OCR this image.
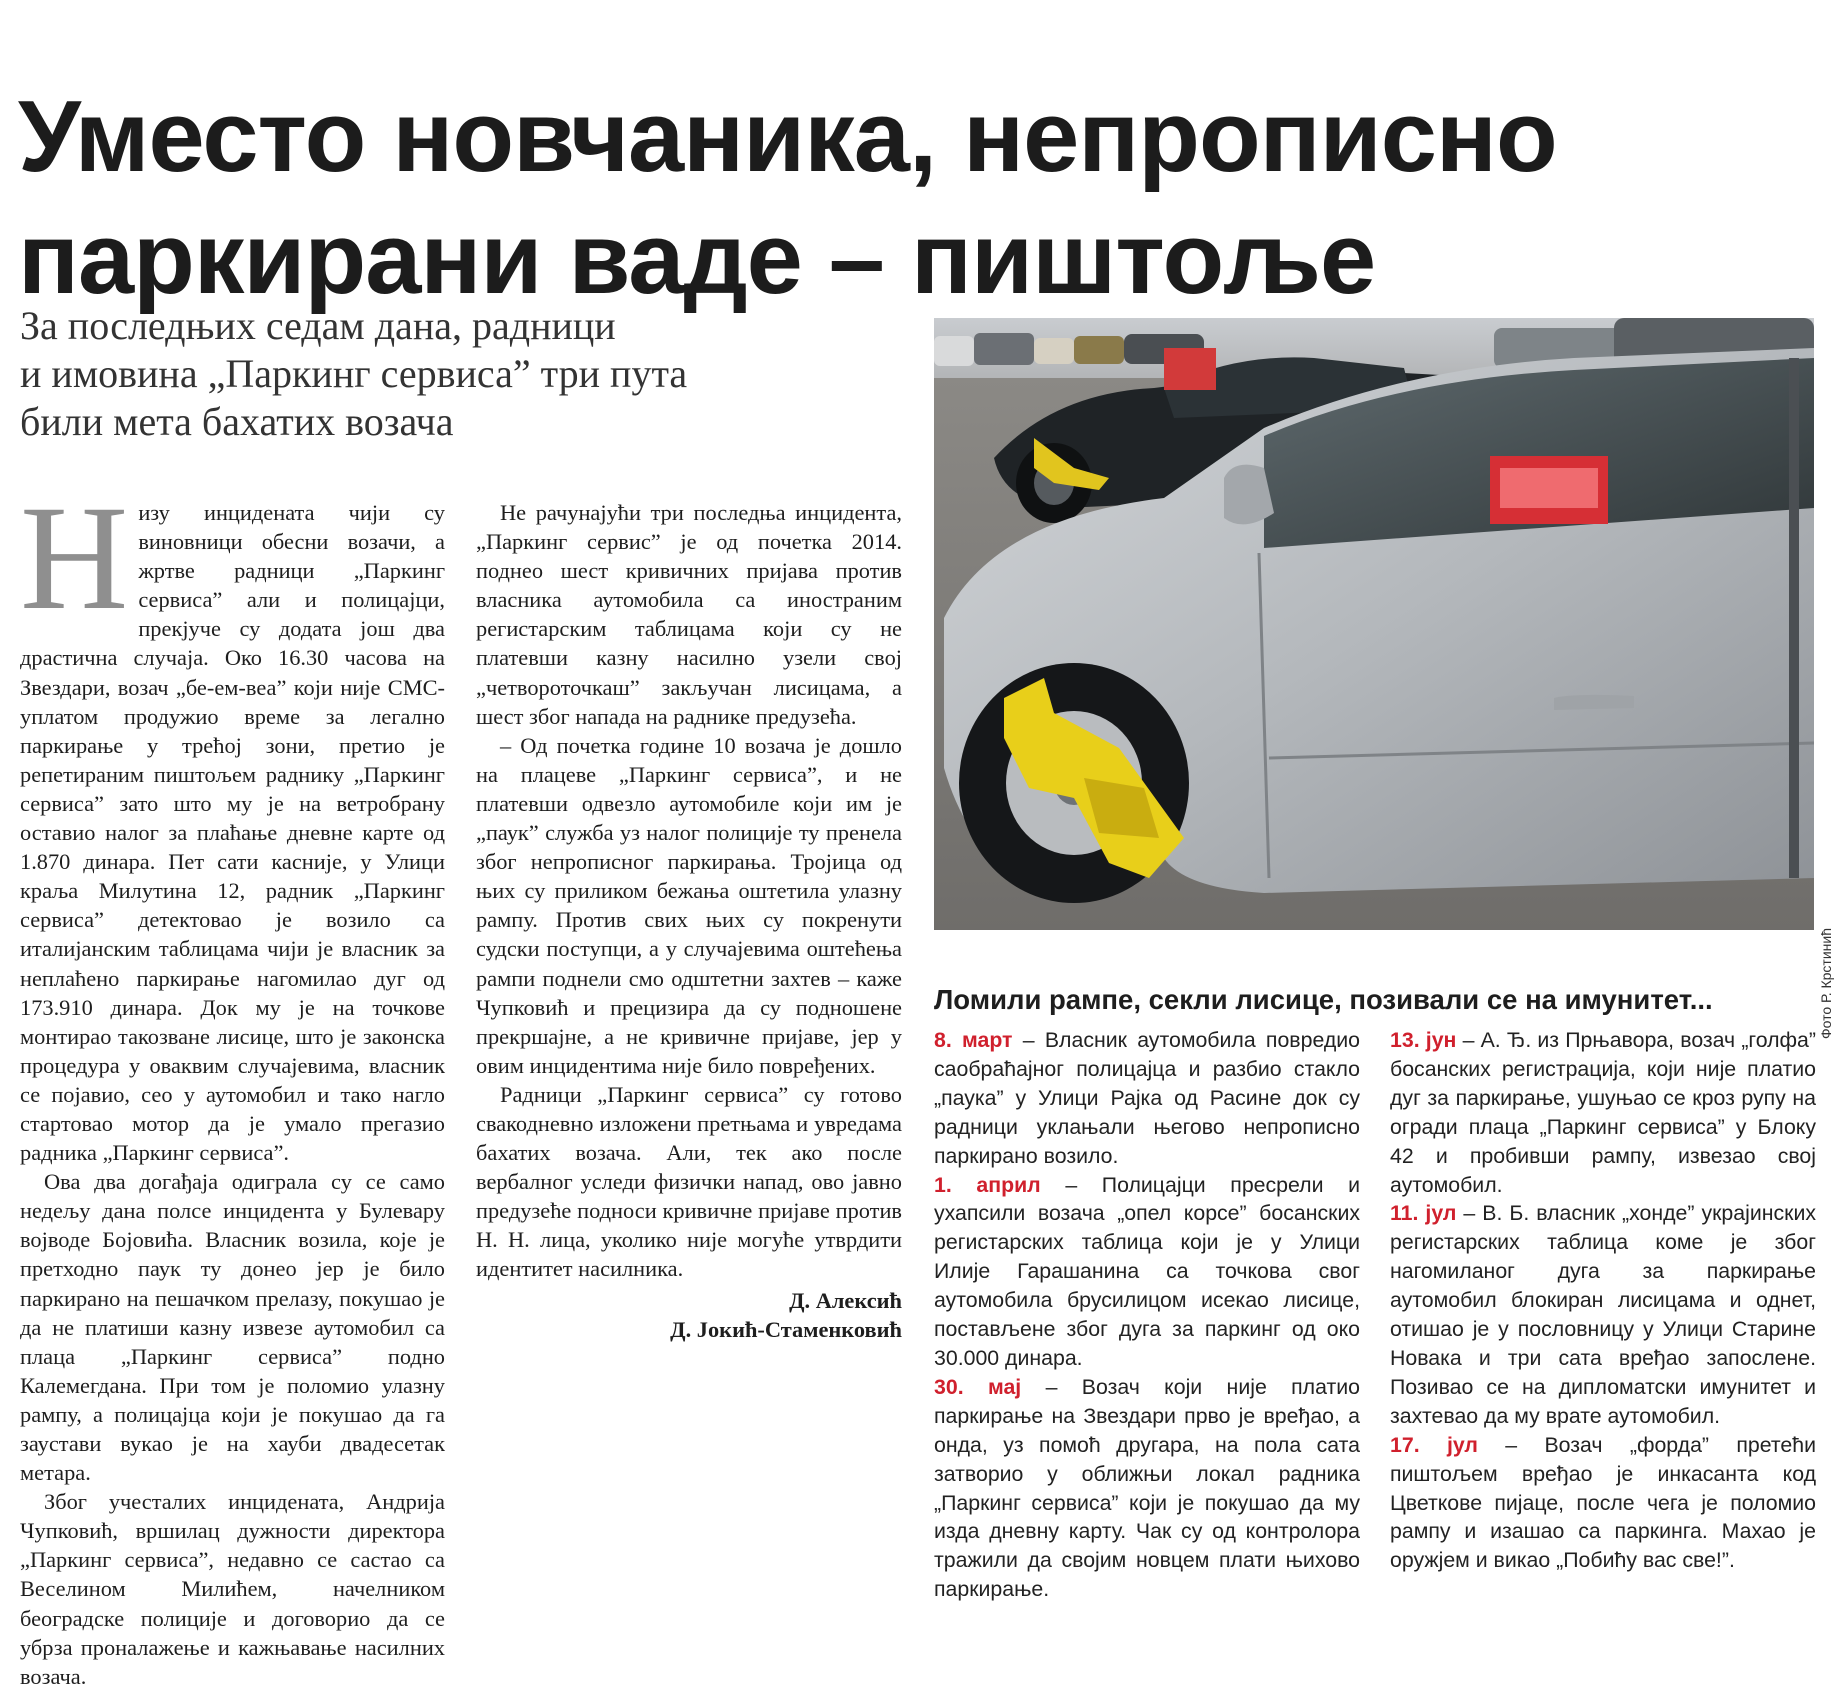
Уместо новчаника, непрописно
паркирани ваде – пиштоље
За последњих седам дана, радници
и имовина „Паркинг сервиса” три пута
били мета бахатих возача

Низу инцидената чији су виновници обесни возачи, а жртве радници „Паркинг сервиса” али и полицајци, прекјуче су додата још два драстична случаја. Око 16.30 часова на Звездари, возач „бе-ем-веа” који није СМС-уплатом продужио време за легално паркирање у трећој зони, претио је репетираним пиштољем раднику „Паркинг сервиса” зато што му је на ветробрану оставио налог за плаћање дневне карте од 1.870 динара. Пет сати касније, у Улици краља Милутина 12, радник „Паркинг сервиса” детектовао је возило са италијанским таблицама чији је власник за неплаћено паркирање нагомилао дуг од 173.910 динара. Док му је на точкове монтирао такозване лисице, што је законска процедура у оваквим случајевима, власник се појавио, сео у аутомобил и тако нагло стартовао мотор да је умало прегазио радника „Паркинг сервиса”.

Ова два догађаја одиграла су се само недељу дана полсе инцидента у Булевару војводе Бојовића. Власник возила, које је претходно паук ту донео јер је било паркирано на пешачком прелазу, покушао је да не платиши казну извезе аутомобил са плаца „Паркинг сервиса” подно Калемегдана. При том је поломио улазну рампу, а полицајца који је покушао да га заустави вукао је на хауби двадесетак метара.

Због учесталих инцидената, Андрија Чупковић, вршилац дужности директора „Паркинг сервиса”, недавно се састао са Веселином Милићем, начелником београдске полиције и договорио да се убрза проналажење и кажњавање насилних возача.

Не рачунајући три последња инцидента, „Паркинг сервис” је од почетка 2014. поднео шест кривичних пријава против власника аутомобила са иностраним регистарским таблицама који су не платевши казну насилно узели свој „четвороточкаш” закључан лисицама, а шест због напада на раднике предузећа.

– Од почетка године 10 возача је дошло на плацеве „Паркинг сервиса”, и не платевши одвезло аутомобиле који им је „паук” служба уз налог полиције ту пренела због непрописног паркирања. Тројица од њих су приликом бежања оштетила улазну рампу. Против свих њих су покренути судски поступци, а у случајевима оштећења рампи поднели смо одштетни захтев – каже Чупковић и прецизира да су подношене прекршајне, а не кривичне пријаве, јер у овим инцидентима није било повређених.

Радници „Паркинг сервиса” су готово свакодневно изложени претњама и увредама бахатих возача. Али, тек ако после вербалног уследи физички напад, ово јавно предузеће подноси кривичне пријаве против Н. Н. лица, уколико није могуће утврдити идентитет насилника.

Д. Алексић
Д. Јокић-Стаменковић
Фото Р. Крстинић
Ломили рампе, секли лисице, позивали се на имунитет...

8. март – Власник аутомобила повредио саобраћајног полицајца и разбио стакло „паука” у Улици Рајка од Расине док су радници уклањали његово непрописно паркирано возило.

1. април – Полицајци пресрели и ухапсили возача „опел корсе” босанских регистарских таблица који је у Улици Илије Гарашанина са точкова свог аутомобила брусилицом исекао лисице, постављене због дуга за паркинг од око 30.000 динара.

30. мај – Возач који није платио паркирање на Звездари прво је вређао, а онда, уз помоћ другара, на пола сата затворио у оближњи локал радника „Паркинг сервиса” који је покушао да му изда дневну карту. Чак су од контролора тражили да својим новцем плати њихово паркирање.

13. јун – А. Ђ. из Прњавора, возач „голфа” босанских регистрација, који није платио дуг за паркирање, ушуњао се кроз рупу на огради плаца „Паркинг сервиса” у Блоку 42 и пробивши рампу, извезао свој аутомобил.

11. јул – В. Б. власник „хонде” украјинских регистарских таблица коме је због нагомиланог дуга за паркирање аутомобил блокиран лисицама и однет, отишао је у пословницу у Улици Старине Новака и три сата вређао запослене. Позивао се на дипломатски имунитет и захтевао да му врате аутомобил.

17. јул – Возач „форда” претећи пиштољем вређао је инкасанта код Цветкове пијаце, после чега је поломио рампу и изашао са паркинга. Махао је оружјем и викао „Побићу вас све!”.
